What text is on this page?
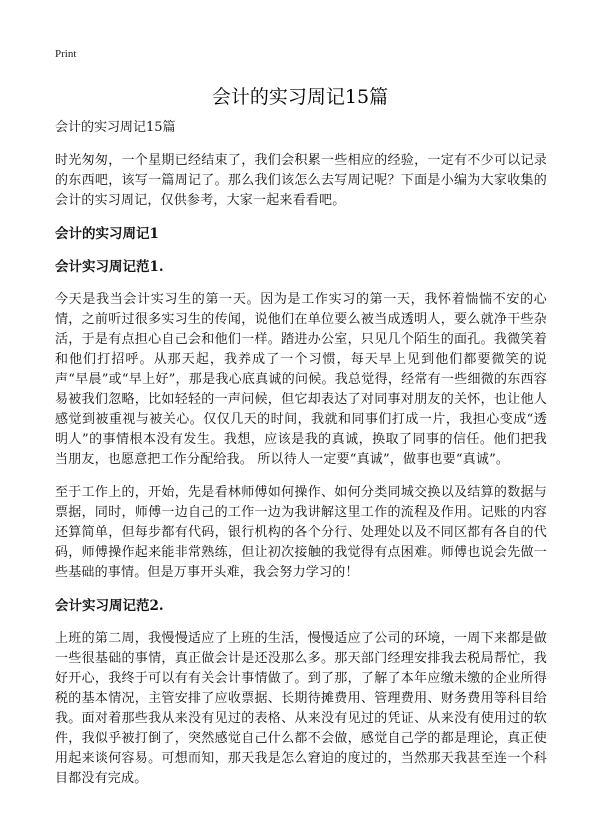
Print
会计的实习周记15篇
会计的实习周记15篇

时光匆匆，一个星期已经结束了，我们会积累一些相应的经验，一定有不少可以记录的东西吧，该写一篇周记了。那么我们该怎么去写周记呢？下面是小编为大家收集的会计的实习周记，仅供参考，大家一起来看看吧。

会计的实习周记1
会计实习周记范1.

今天是我当会计实习生的第一天。因为是工作实习的第一天，我怀着惴惴不安的心情，之前听过很多实习生的传闻，说他们在单位要么被当成透明人，要么就净干些杂活，于是有点担心自己会和他们一样。踏进办公室，只见几个陌生的面孔。我微笑着和他们打招呼。从那天起，我养成了一个习惯，每天早上见到他们都要微笑的说声“早晨”或“早上好”，那是我心底真诚的问候。我总觉得，经常有一些细微的东西容易被我们忽略，比如轻轻的一声问候，但它却表达了对同事对朋友的关怀，也让他人感觉到被重视与被关心。仅仅几天的时间，我就和同事们打成一片，我担心变成“透明人”的事情根本没有发生。我想，应该是我的真诚，换取了同事的信任。他们把我当朋友，也愿意把工作分配给我。 所以待人一定要“真诚”，做事也要“真诚”。

至于工作上的，开始，先是看林师傅如何操作、如何分类同城交换以及结算的数据与票据，同时，师傅一边自己的工作一边为我讲解这里工作的流程及作用。记账的内容还算简单，但每步都有代码，银行机构的各个分行、处理处以及不同区都有各自的代码，师傅操作起来能非常熟练，但让初次接触的我觉得有点困难。师傅也说会先做一些基础的事情。但是万事开头难，我会努力学习的！

会计实习周记范2.

上班的第二周，我慢慢适应了上班的生活，慢慢适应了公司的环境，一周下来都是做一些很基础的事情，真正做会计是还没那么多。那天部门经理安排我去税局帮忙，我好开心，我终于可以有有关会计事情做了。到了那，了解了本年应缴未缴的企业所得税的基本情况，主管安排了应收票据、长期待摊费用、管理费用、财务费用等科目给我。面对着那些我从来没有见过的表格、从来没有见过的凭证、从来没有使用过的软件，我似乎被打倒了，突然感觉自己什么都不会做，感觉自己学的都是理论，真正使用起来谈何容易。可想而知，那天我是怎么窘迫的度过的，当然那天我甚至连一个科目都没有完成。
